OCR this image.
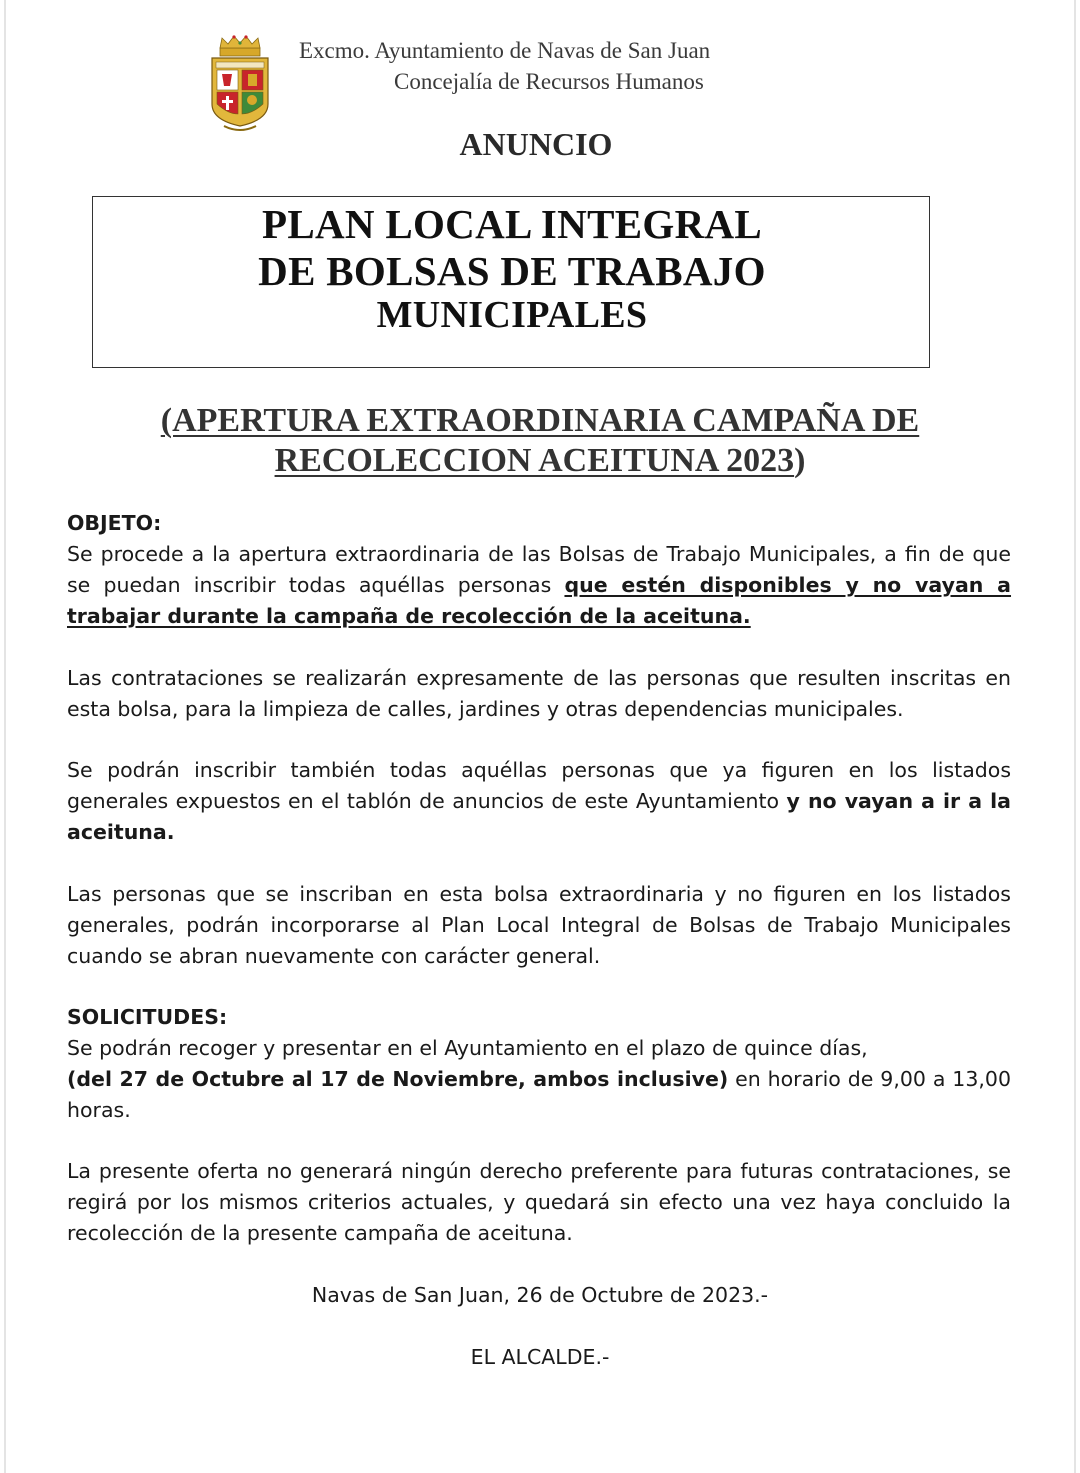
Excmo. Ayuntamiento de Navas de San Juan
Concejalía de Recursos Humanos
ANUNCIO
PLAN LOCAL INTEGRAL
DE BOLSAS DE TRABAJO
MUNICIPALES
(APERTURA EXTRAORDINARIA CAMPAÑA DE
RECOLECCION ACEITUNA 2023)
OBJETO:
Se procede a la apertura extraordinaria de las Bolsas de Trabajo Municipales, a fin de que se puedan inscribir todas aquéllas personas que estén disponibles y no vayan a trabajar durante la campaña de recolección de la aceituna.
Las contrataciones se realizarán expresamente de las personas que resulten inscritas en esta bolsa, para la limpieza de calles, jardines y otras dependencias municipales.
Se podrán inscribir también todas aquéllas personas que ya figuren en los listados generales expuestos en el tablón de anuncios de este Ayuntamiento y no vayan a ir a la aceituna.
Las personas que se inscriban en esta bolsa extraordinaria y no figuren en los listados generales, podrán incorporarse al Plan Local Integral de Bolsas de Trabajo Municipales cuando se abran nuevamente con carácter general.
SOLICITUDES:
Se podrán recoger y presentar en el Ayuntamiento en el plazo de quince días,
(del 27 de Octubre al 17 de Noviembre, ambos inclusive) en horario de 9,00 a 13,00 horas.
La presente oferta no generará ningún derecho preferente para futuras contrataciones, se regirá por los mismos criterios actuales, y quedará sin efecto una vez haya concluido la recolección de la presente campaña de aceituna.
Navas de San Juan, 26 de Octubre de 2023.-
EL ALCALDE.-
